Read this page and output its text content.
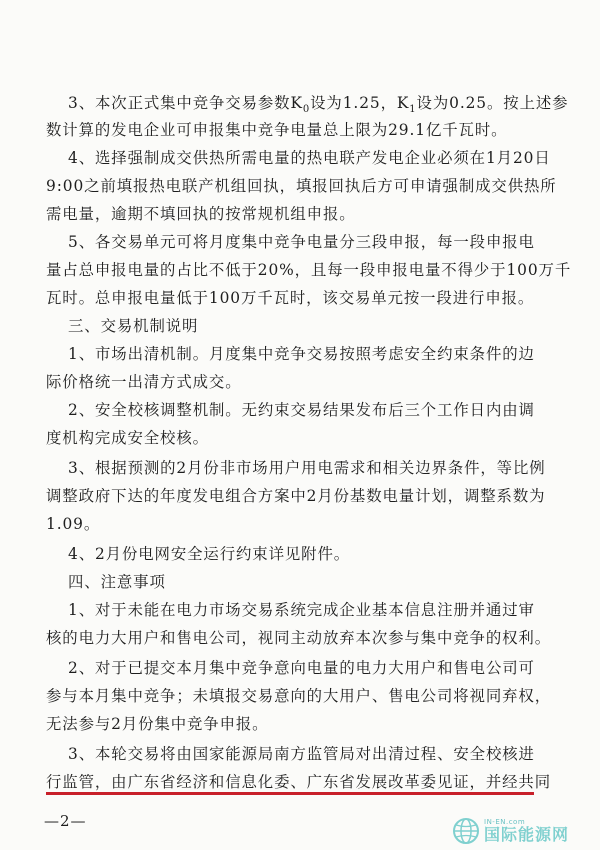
3、本次正式集中竞争交易参数$K_0$设为1.25，$K_1$设为0.25。按上述参
数计算的发电企业可申报集中竞争电量总上限为29.1亿千瓦时。
4、选择强制成交供热所需电量的热电联产发电企业必须在1月20日
9:00之前填报热电联产机组回执，填报回执后方可申请强制成交供热所
需电量，逾期不填回执的按常规机组申报。
5、各交易单元可将月度集中竞争电量分三段申报，每一段申报电
量占总申报电量的占比不低于20%，且每一段申报电量不得少于100万千
瓦时。总申报电量低于100万千瓦时，该交易单元按一段进行申报。
三、交易机制说明
1、市场出清机制。月度集中竞争交易按照考虑安全约束条件的边
际价格统一出清方式成交。
2、安全校核调整机制。无约束交易结果发布后三个工作日内由调
度机构完成安全校核。
3、根据预测的2月份非市场用户用电需求和相关边界条件，等比例
调整政府下达的年度发电组合方案中2月份基数电量计划，调整系数为
1.09。
4、2月份电网安全运行约束详见附件。
四、注意事项
1、对于未能在电力市场交易系统完成企业基本信息注册并通过审
核的电力大用户和售电公司，视同主动放弃本次参与集中竞争的权利。
2、对于已提交本月集中竞争意向电量的电力大用户和售电公司可
参与本月集中竞争；未填报交易意向的大用户、售电公司将视同弃权，
无法参与2月份集中竞争申报。
3、本轮交易将由国家能源局南方监管局对出清过程、安全校核进
行监管，由广东省经济和信息化委、广东省发展改革委见证，并经共同
—2—	IN-EN.com
国际能源网
